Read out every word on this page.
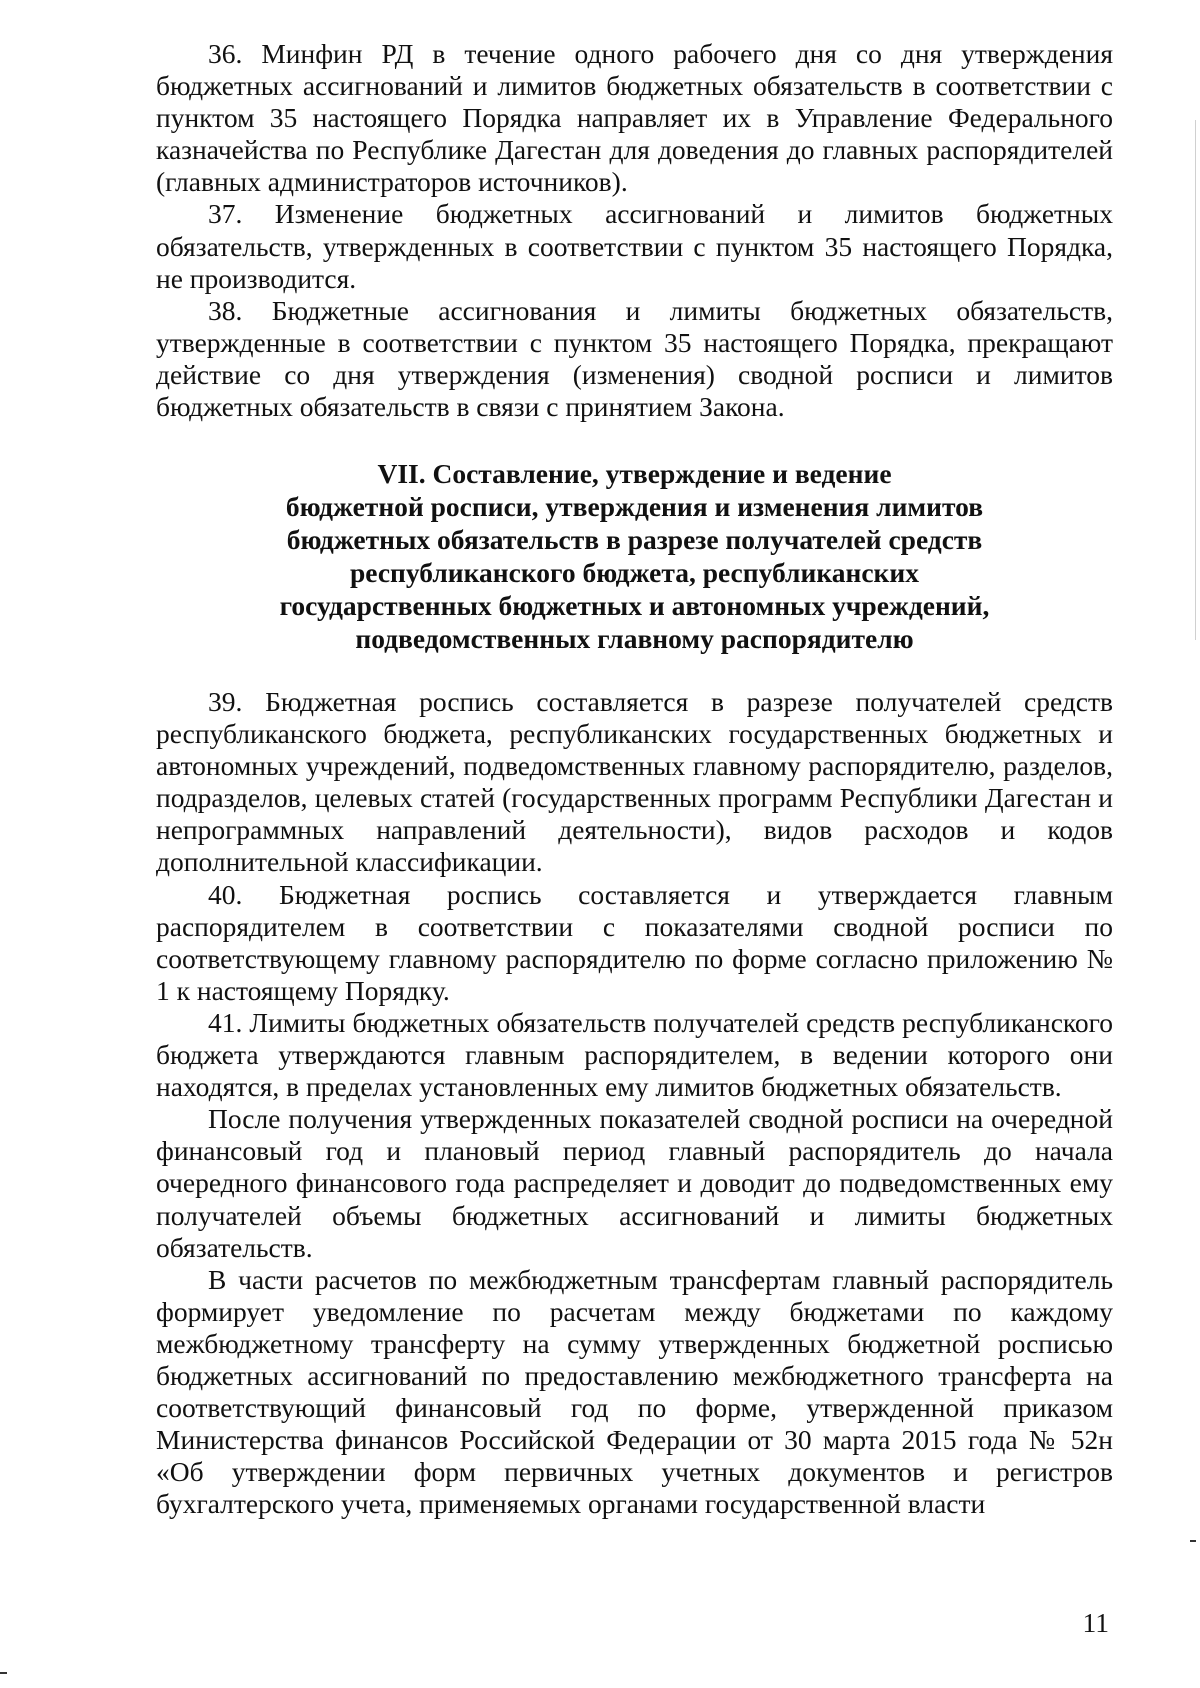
36. Минфин РД в течение одного рабочего дня со дня утверждения бюджетных ассигнований и лимитов бюджетных обязательств в соответствии с пунктом 35 настоящего Порядка направляет их в Управление Федерального казначейства по Республике Дагестан для доведения до главных распорядителей (главных администраторов источников).

37. Изменение бюджетных ассигнований и лимитов бюджетных обязательств, утвержденных в соответствии с пунктом 35 настоящего Порядка, не производится.

38. Бюджетные ассигнования и лимиты бюджетных обязательств, утвержденные в соответствии с пунктом 35 настоящего Порядка, прекращают действие со дня утверждения (изменения) сводной росписи и лимитов бюджетных обязательств в связи с принятием Закона.

VII. Составление, утверждение и ведение
бюджетной росписи, утверждения и изменения лимитов
бюджетных обязательств в разрезе получателей средств
республиканского бюджета, республиканских
государственных бюджетных и автономных учреждений,
подведомственных главному распорядителю

39. Бюджетная роспись составляется в разрезе получателей средств республиканского бюджета, республиканских государственных бюджетных и автономных учреждений, подведомственных главному распорядителю, разделов, подразделов, целевых статей (государственных программ Республики Дагестан и непрограммных направлений деятельности), видов расходов и кодов дополнительной классификации.

40. Бюджетная роспись составляется и утверждается главным распорядителем в соответствии с показателями сводной росписи по соответствующему главному распорядителю по форме согласно приложению № 1 к настоящему Порядку.

41. Лимиты бюджетных обязательств получателей средств республиканского бюджета утверждаются главным распорядителем, в ведении которого они находятся, в пределах установленных ему лимитов бюджетных обязательств.

После получения утвержденных показателей сводной росписи на очередной финансовый год и плановый период главный распорядитель до начала очередного финансового года распределяет и доводит до подведомственных ему получателей объемы бюджетных ассигнований и лимиты бюджетных обязательств.

В части расчетов по межбюджетным трансфертам главный распорядитель формирует уведомление по расчетам между бюджетами по каждому межбюджетному трансферту на сумму утвержденных бюджетной росписью бюджетных ассигнований по предоставлению межбюджетного трансферта на соответствующий финансовый год по форме, утвержденной приказом Министерства финансов Российской Федерации от 30 марта 2015 года № 52н «Об утверждении форм первичных учетных документов и регистров бухгалтерского учета, применяемых органами государственной власти

11
